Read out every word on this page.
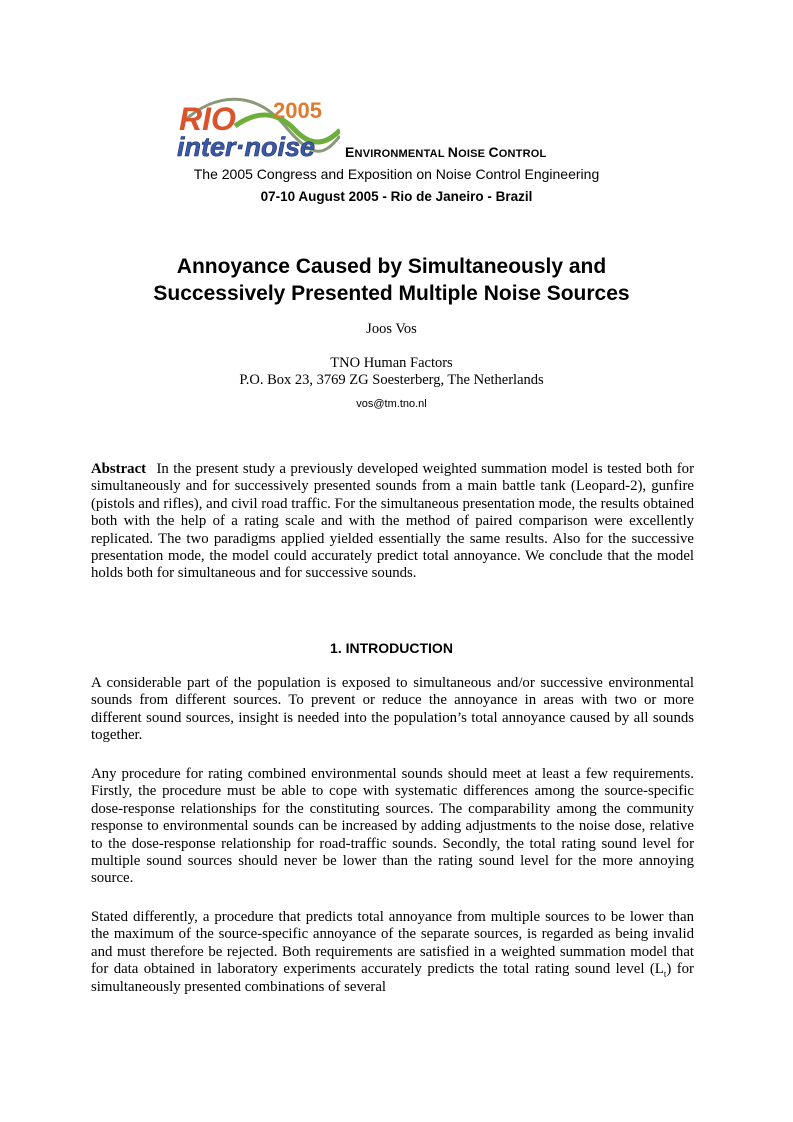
RIO 2005
inter·noise ENVIRONMENTAL NOISE CONTROL
The 2005 Congress and Exposition on Noise Control Engineering
07-10 August 2005 - Rio de Janeiro - Brazil
Annoyance Caused by Simultaneously and
Successively Presented Multiple Noise Sources
Joos Vos
TNO Human Factors
P.O. Box 23, 3769 ZG Soesterberg, The Netherlands
vos@tm.tno.nl
Abstract In the present study a previously developed weighted summation model is tested both for simultaneously and for successively presented sounds from a main battle tank (Leopard-2), gunfire (pistols and rifles), and civil road traffic. For the simultaneous presentation mode, the results obtained both with the help of a rating scale and with the method of paired comparison were excellently replicated. The two paradigms applied yielded essentially the same results. Also for the successive presentation mode, the model could accurately predict total annoyance. We conclude that the model holds both for simultaneous and for successive sounds.
1. INTRODUCTION
A considerable part of the population is exposed to simultaneous and/or successive environmental sounds from different sources. To prevent or reduce the annoyance in areas with two or more different sound sources, insight is needed into the population’s total annoyance caused by all sounds together.
Any procedure for rating combined environmental sounds should meet at least a few requirements. Firstly, the procedure must be able to cope with systematic differences among the source-specific dose-response relationships for the constituting sources. The comparability among the community response to environmental sounds can be increased by adding adjustments to the noise dose, relative to the dose-response relationship for road-traffic sounds. Secondly, the total rating sound level for multiple sound sources should never be lower than the rating sound level for the more annoying source.
Stated differently, a procedure that predicts total annoyance from multiple sources to be lower than the maximum of the source-specific annoyance of the separate sources, is regarded as being invalid and must therefore be rejected. Both requirements are satisfied in a weighted summation model that for data obtained in laboratory experiments accurately predicts the total rating sound level $(L_t)$ for simultaneously presented combinations of several
